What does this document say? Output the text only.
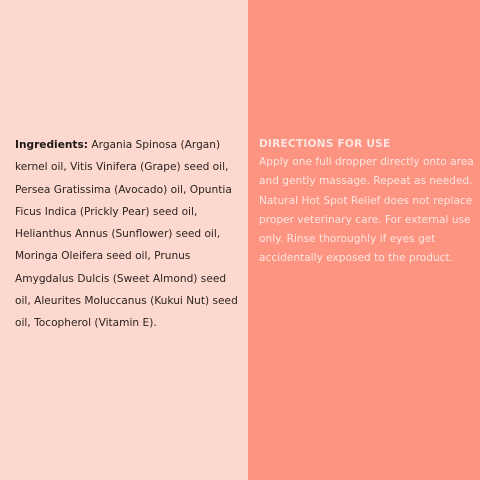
Ingredients: Argania Spinosa (Argan) kernel oil, Vitis Vinifera (Grape) seed oil, Persea Gratissima (Avocado) oil, Opuntia Ficus Indica (Prickly Pear) seed oil, Helianthus Annus (Sunflower) seed oil, Moringa Oleifera seed oil, Prunus Amygdalus Dulcis (Sweet Almond) seed oil, Aleurites Moluccanus (Kukui Nut) seed oil, Tocopherol (Vitamin E).

DIRECTIONS FOR USE

Apply one full dropper directly onto area

and gently massage. Repeat as needed.

Natural Hot Spot Relief does not replace

proper veterinary care. For external use

only. Rinse thoroughly if eyes get

accidentally exposed to the product.
